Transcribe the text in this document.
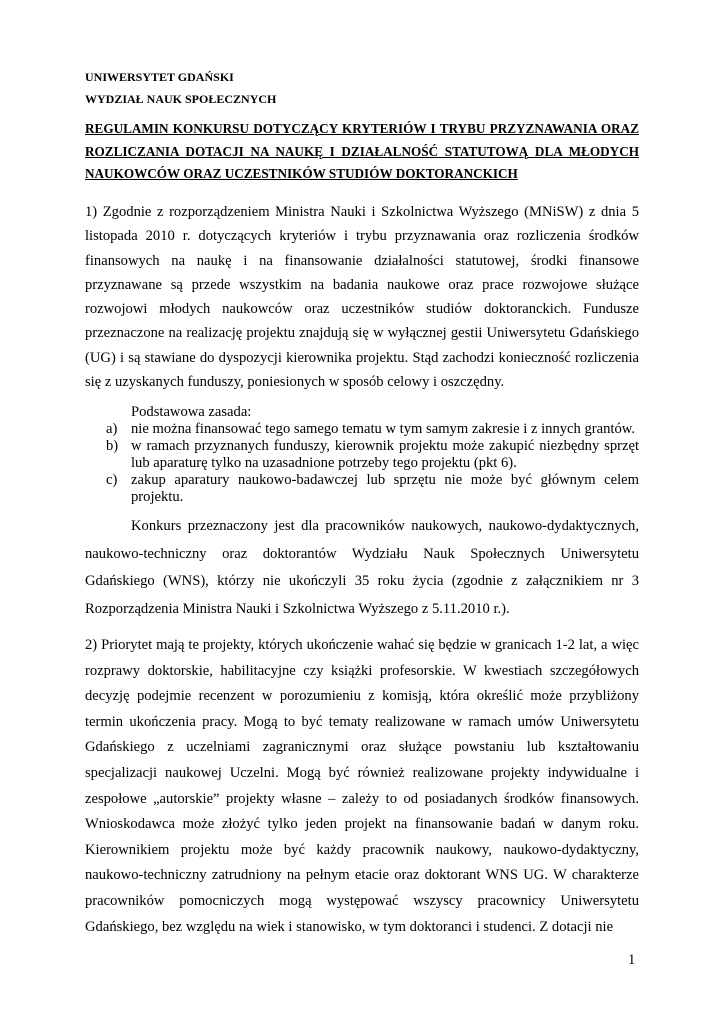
UNIWERSYTET GDAŃSKI
WYDZIAŁ NAUK SPOŁECZNYCH
REGULAMIN KONKURSU DOTYCZĄCY KRYTERIÓW I TRYBU PRZYZNAWANIA ORAZ ROZLICZANIA DOTACJI NA NAUKĘ I DZIAŁALNOŚĆ STATUTOWĄ DLA MŁODYCH NAUKOWCÓW ORAZ UCZESTNIKÓW STUDIÓW DOKTORANCKICH
1) Zgodnie z rozporządzeniem Ministra Nauki i Szkolnictwa Wyższego (MNiSW) z dnia 5 listopada 2010 r. dotyczących kryteriów i trybu przyznawania oraz rozliczenia środków finansowych na naukę i na finansowanie działalności statutowej, środki finansowe przyznawane są przede wszystkim na badania naukowe oraz prace rozwojowe służące rozwojowi młodych naukowców oraz uczestników studiów doktoranckich. Fundusze przeznaczone na realizację projektu znajdują się w wyłącznej gestii Uniwersytetu Gdańskiego (UG) i są stawiane do dyspozycji kierownika projektu. Stąd zachodzi konieczność rozliczenia się z uzyskanych funduszy, poniesionych w sposób celowy i oszczędny.
Podstawowa zasada:
a) nie można finansować tego samego tematu w tym samym zakresie i z innych grantów.
b) w ramach przyznanych funduszy, kierownik projektu może zakupić niezbędny sprzęt lub aparaturę tylko na uzasadnione potrzeby tego projektu (pkt 6).
c) zakup aparatury naukowo-badawczej lub sprzętu nie może być głównym celem projektu.
Konkurs przeznaczony jest dla pracowników naukowych, naukowo-dydaktycznych, naukowo-techniczny oraz doktorantów Wydziału Nauk Społecznych Uniwersytetu Gdańskiego (WNS), którzy nie ukończyli 35 roku życia (zgodnie z załącznikiem nr 3 Rozporządzenia Ministra Nauki i Szkolnictwa Wyższego z 5.11.2010 r.).
2) Priorytet mają te projekty, których ukończenie wahać się będzie w granicach 1-2 lat, a więc rozprawy doktorskie, habilitacyjne czy książki profesorskie. W kwestiach szczegółowych decyzję podejmie recenzent w porozumieniu z komisją, która określić może przybliżony termin ukończenia pracy. Mogą to być tematy realizowane w ramach umów Uniwersytetu Gdańskiego z uczelniami zagranicznymi oraz służące powstaniu lub kształtowaniu specjalizacji naukowej Uczelni. Mogą być również realizowane projekty indywidualne i zespołowe „autorskie” projekty własne – zależy to od posiadanych środków finansowych. Wnioskodawca może złożyć tylko jeden projekt na finansowanie badań w danym roku. Kierownikiem projektu może być każdy pracownik naukowy, naukowo-dydaktyczny, naukowo-techniczny zatrudniony na pełnym etacie oraz doktorant WNS UG. W charakterze pracowników pomocniczych mogą występować wszyscy pracownicy Uniwersytetu Gdańskiego, bez względu na wiek i stanowisko, w tym doktoranci i studenci. Z dotacji nie
1
